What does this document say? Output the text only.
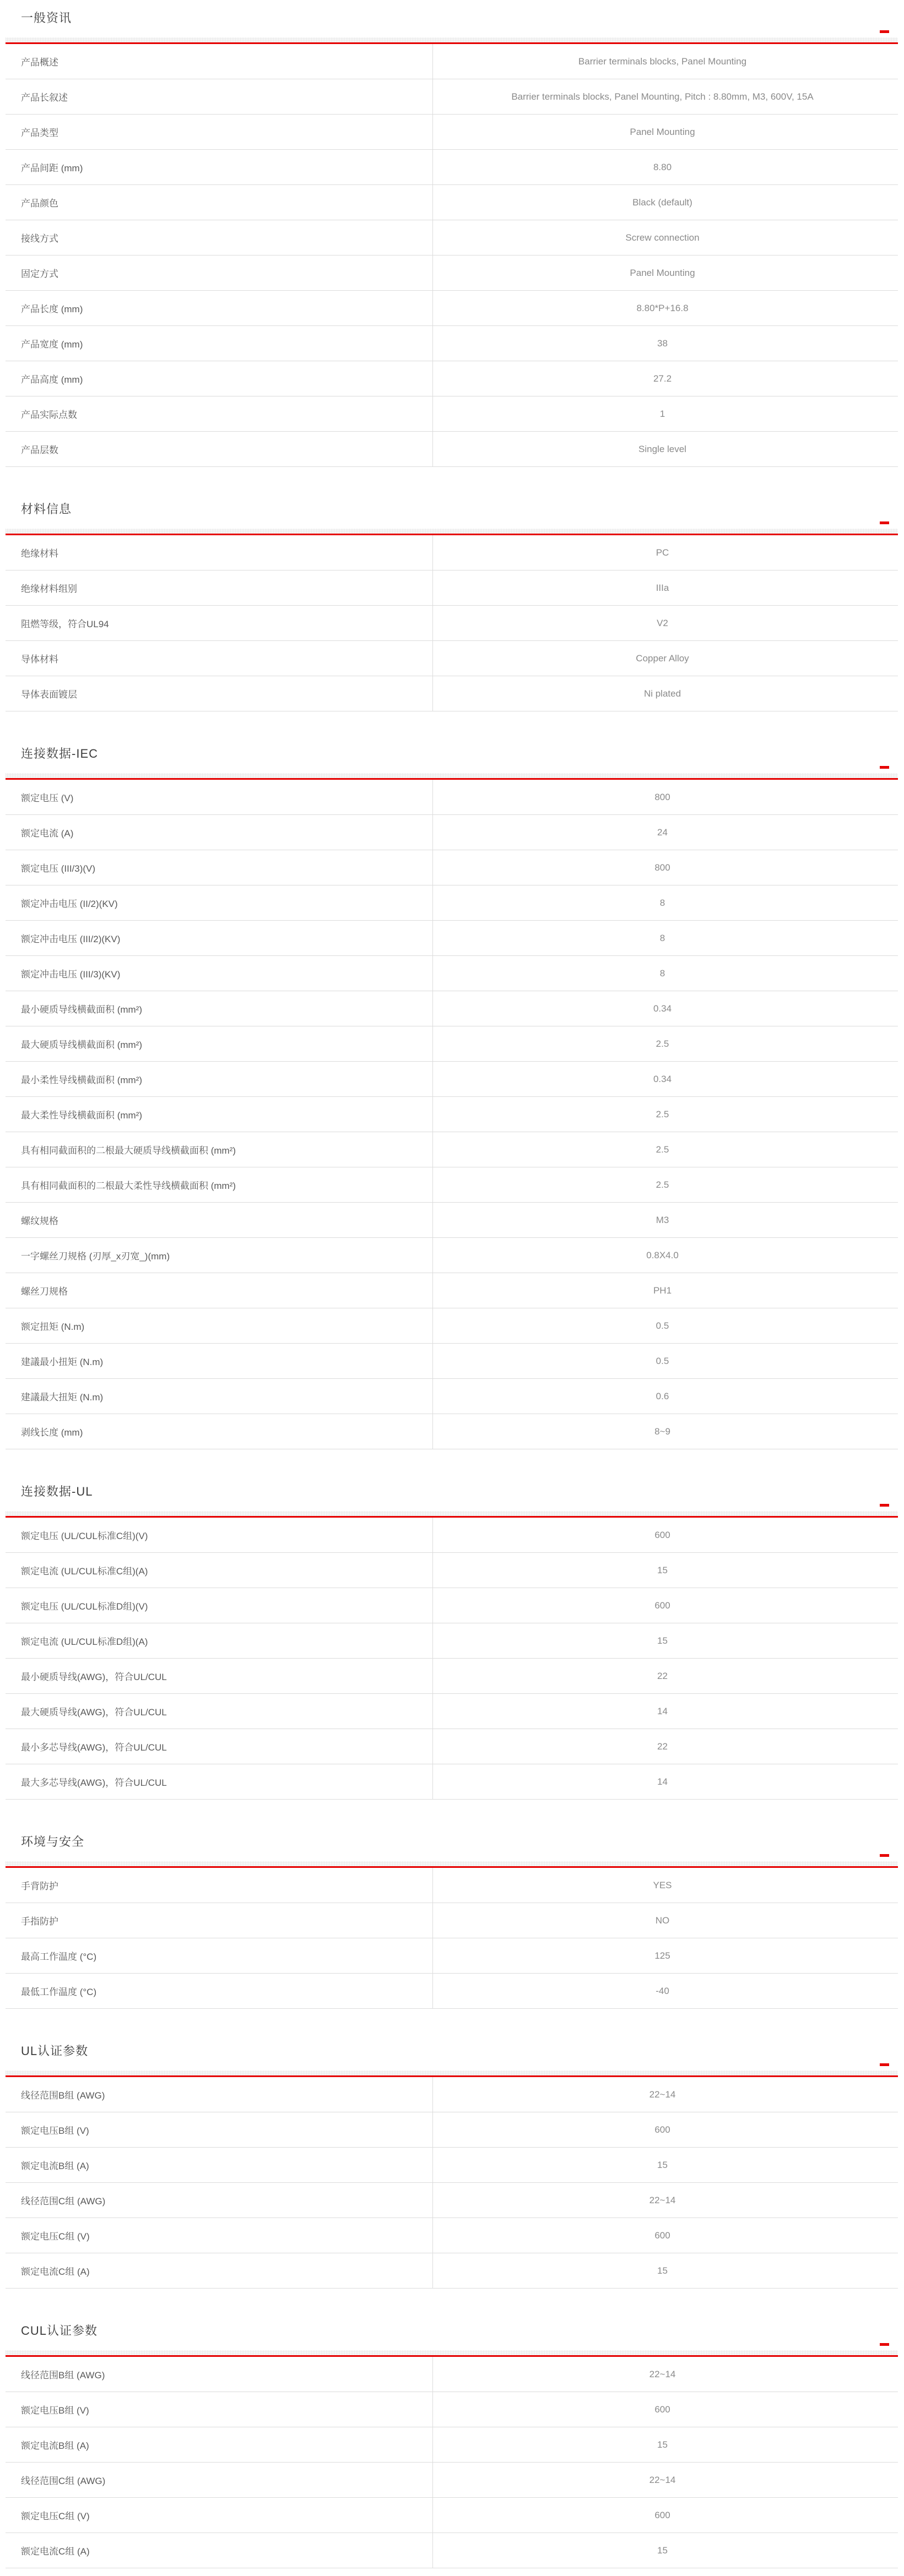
一般资讯
产品概述	Barrier terminals blocks, Panel Mounting
产品长叙述	Barrier terminals blocks, Panel Mounting, Pitch : 8.80mm, M3, 600V, 15A
产品类型	Panel Mounting
产品间距 (mm)	8.80
产品颜色	Black (default)
接线方式	Screw connection
固定方式	Panel Mounting
产品长度 (mm)	8.80*P+16.8
产品宽度 (mm)	38
产品高度 (mm)	27.2
产品实际点数	1
产品层数	Single level
材料信息
绝缘材料	PC
绝缘材料组别	IIIa
阻燃等级，符合UL94	V2
导体材料	Copper Alloy
导体表面镀层	Ni plated
连接数据-IEC
额定电压 (V)	800
额定电流 (A)	24
额定电压 (III/3)(V)	800
额定冲击电压 (II/2)(KV)	8
额定冲击电压 (III/2)(KV)	8
额定冲击电压 (III/3)(KV)	8
最小硬质导线横截面积 (mm²)	0.34
最大硬质导线横截面积 (mm²)	2.5
最小柔性导线横截面积 (mm²)	0.34
最大柔性导线横截面积 (mm²)	2.5
具有相同截面积的二根最大硬质导线横截面积 (mm²)	2.5
具有相同截面积的二根最大柔性导线横截面积 (mm²)	2.5
螺纹规格	M3
一字螺丝刀规格 (刃厚_x刃宽_)(mm)	0.8X4.0
螺丝刀规格	PH1
额定扭矩 (N.m)	0.5
建議最小扭矩 (N.m)	0.5
建議最大扭矩 (N.m)	0.6
剥线长度 (mm)	8~9
连接数据-UL
额定电压 (UL/CUL标准C组)(V)	600
额定电流 (UL/CUL标准C组)(A)	15
额定电压 (UL/CUL标准D组)(V)	600
额定电流 (UL/CUL标准D组)(A)	15
最小硬质导线(AWG)，符合UL/CUL	22
最大硬质导线(AWG)，符合UL/CUL	14
最小多芯导线(AWG)，符合UL/CUL	22
最大多芯导线(AWG)，符合UL/CUL	14
环境与安全
手背防护	YES
手指防护	NO
最高工作温度 (°C)	125
最低工作温度 (°C)	-40
UL认证参数
线径范围B组 (AWG)	22~14
额定电压B组 (V)	600
额定电流B组 (A)	15
线径范围C组 (AWG)	22~14
额定电压C组 (V)	600
额定电流C组 (A)	15
CUL认证参数
线径范围B组 (AWG)	22~14
额定电压B组 (V)	600
额定电流B组 (A)	15
线径范围C组 (AWG)	22~14
额定电压C组 (V)	600
额定电流C组 (A)	15
